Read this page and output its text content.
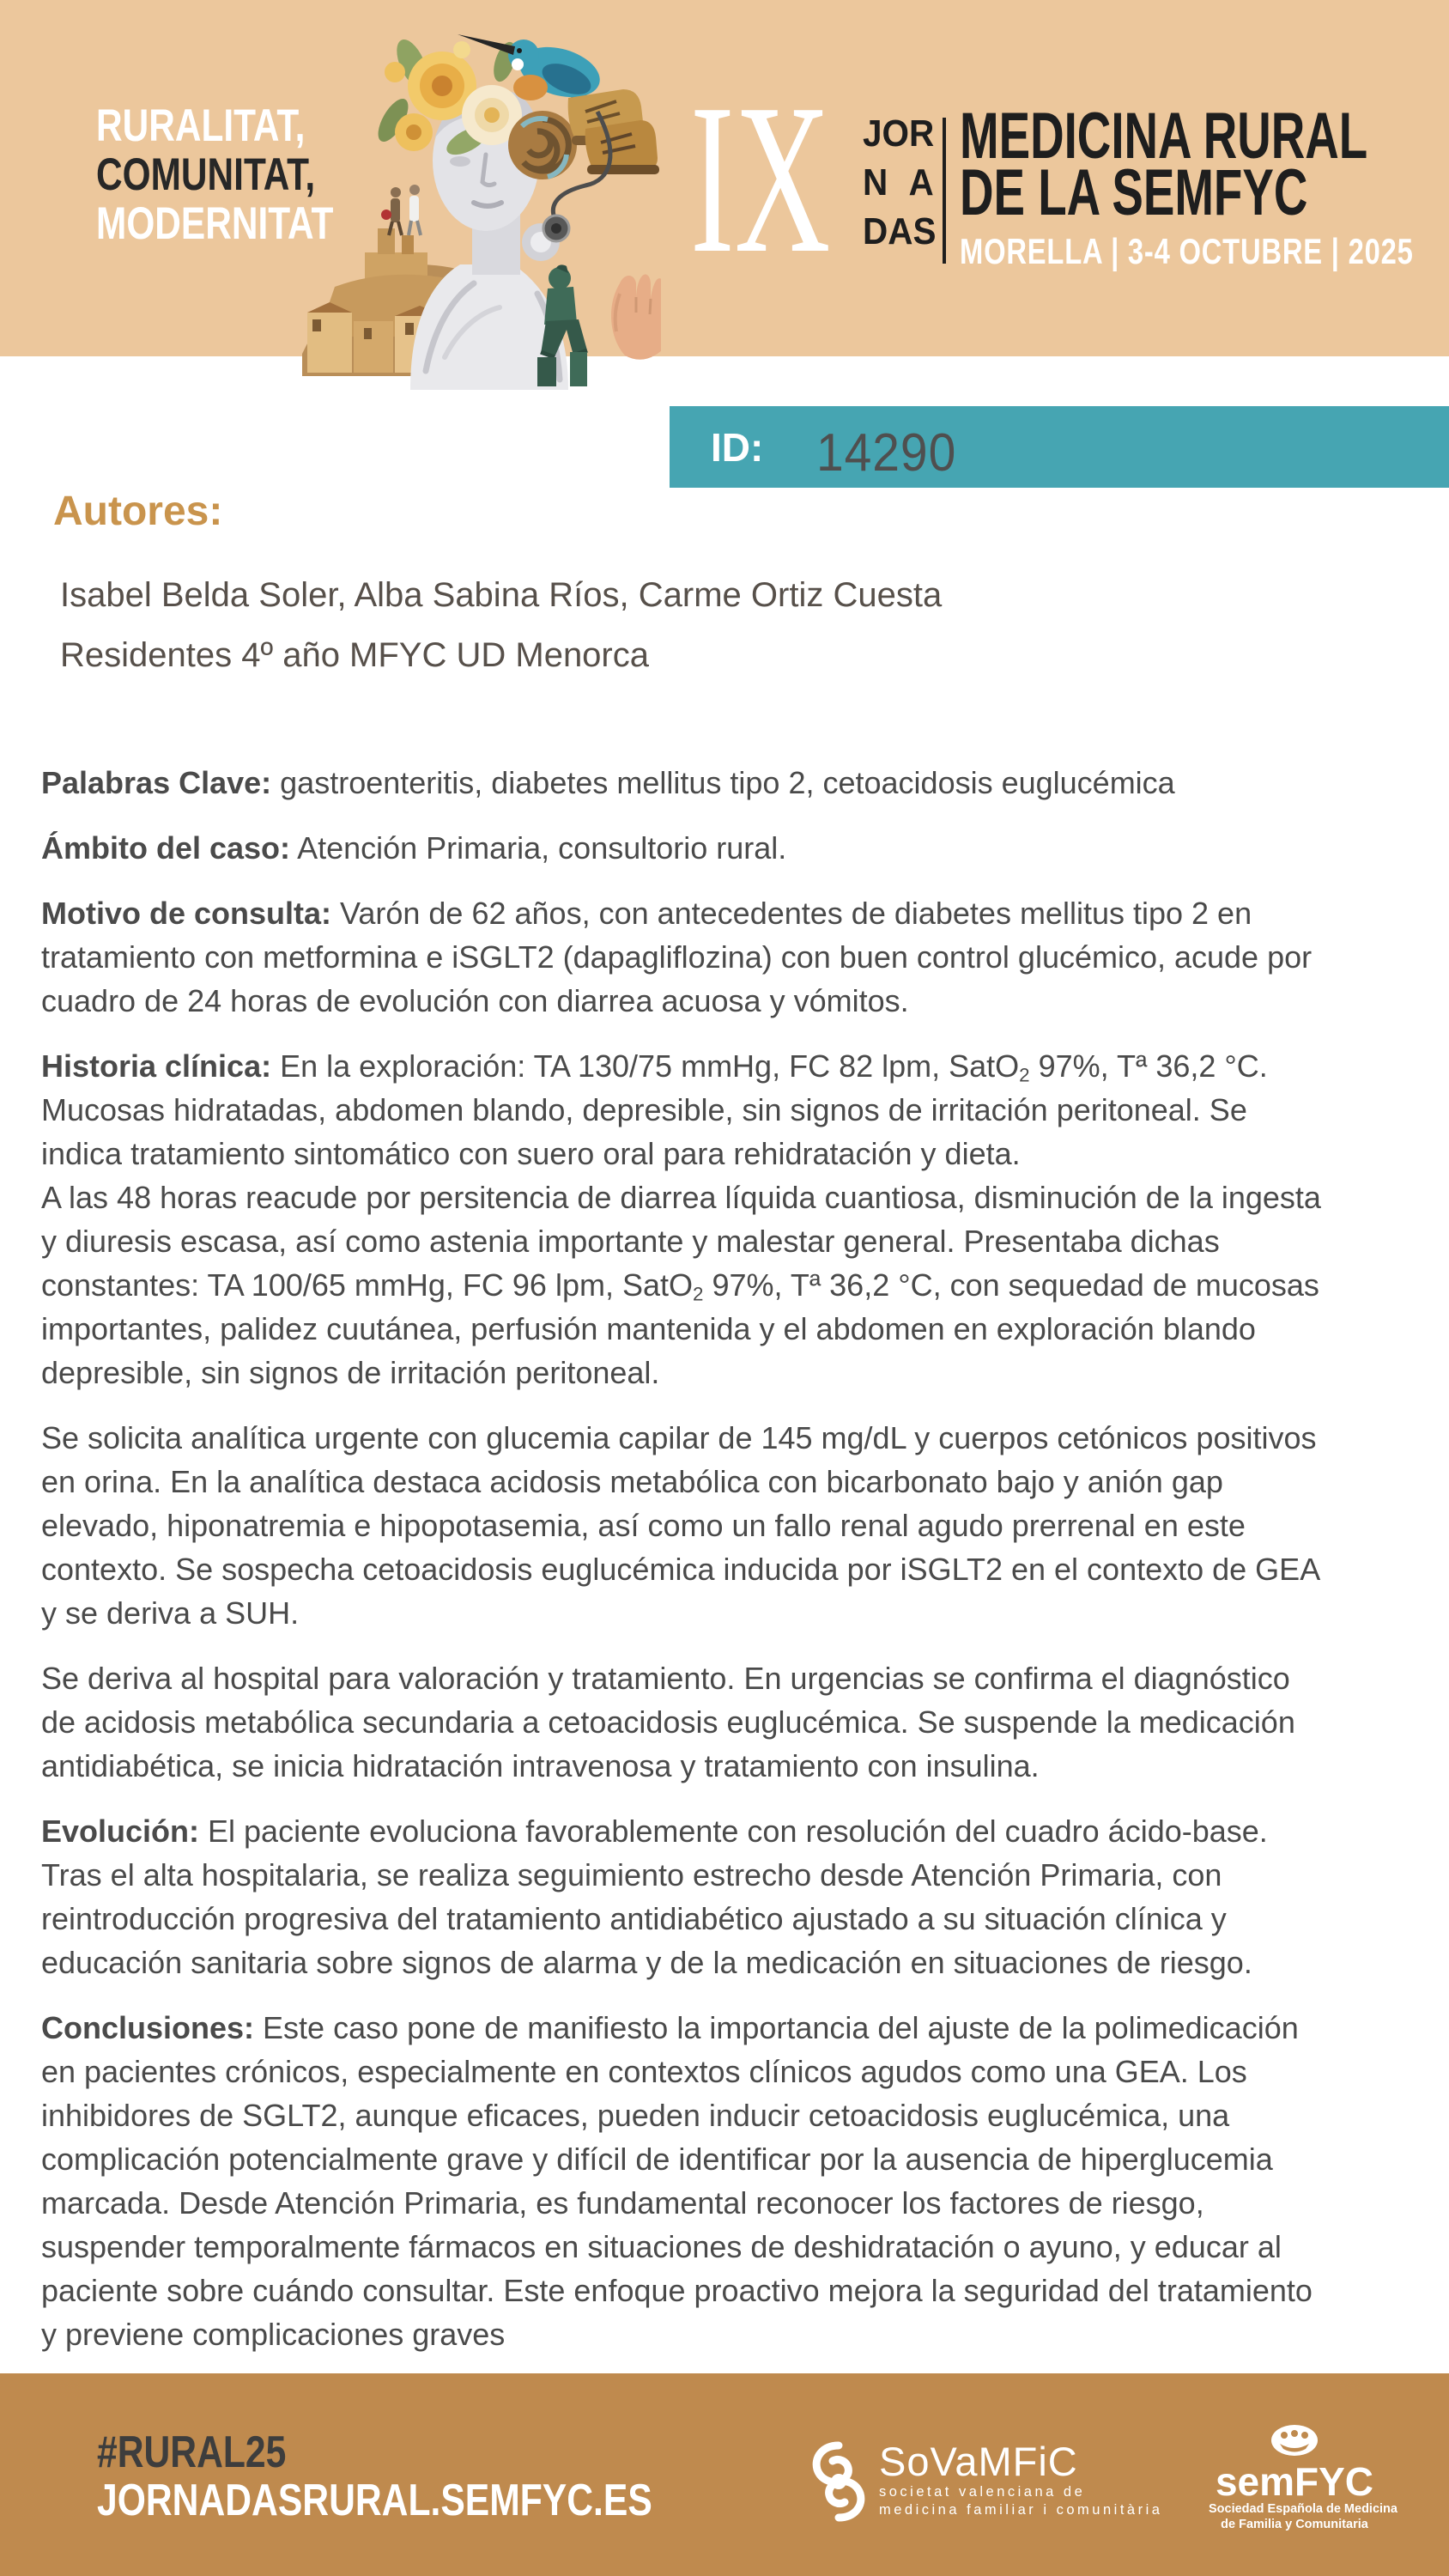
RURALITAT,
COMUNITAT,
MODERNITAT IX J O R
N A
D A S
MEDICINA RURAL
DE LA SEMFYC
MORELLA | 3-4 OCTUBRE | 2025
ID: 14290
Autores:
Isabel Belda Soler, Alba Sabina Ríos, Carme Ortiz Cuesta
Residentes 4º año MFYC UD Menorca

Palabras Clave: gastroenteritis, diabetes mellitus tipo 2, cetoacidosis euglucémica

Ámbito del caso: Atención Primaria, consultorio rural.

Motivo de consulta: Varón de 62 años, con antecedentes de diabetes mellitus tipo 2 en tratamiento con metformina e iSGLT2 (dapagliflozina) con buen control glucémico, acude por cuadro de 24 horas de evolución con diarrea acuosa y vómitos.

Historia clínica: En la exploración: TA 130/75 mmHg, FC 82 lpm, SatO$_2$ 97%, Tª 36,2 °C. Mucosas hidratadas, abdomen blando, depresible, sin signos de irritación peritoneal. Se indica tratamiento sintomático con suero oral para rehidratación y dieta.
A las 48 horas reacude por persitencia de diarrea líquida cuantiosa, disminución de la ingesta y diuresis escasa, así como astenia importante y malestar general. Presentaba dichas constantes: TA 100/65 mmHg, FC 96 lpm, SatO$_2$ 97%, Tª 36,2 °C, con sequedad de mucosas importantes, palidez cuutánea, perfusión mantenida y el abdomen en exploración blando depresible, sin signos de irritación peritoneal.

Se solicita analítica urgente con glucemia capilar de 145 mg/dL y cuerpos cetónicos positivos en orina. En la analítica destaca acidosis metabólica con bicarbonato bajo y anión gap elevado, hiponatremia e hipopotasemia, así como un fallo renal agudo prerrenal en este contexto. Se sospecha cetoacidosis euglucémica inducida por iSGLT2 en el contexto de GEA y se deriva a SUH.

Se deriva al hospital para valoración y tratamiento. En urgencias se confirma el diagnóstico de acidosis metabólica secundaria a cetoacidosis euglucémica. Se suspende la medicación antidiabética, se inicia hidratación intravenosa y tratamiento con insulina.

Evolución: El paciente evoluciona favorablemente con resolución del cuadro ácido-base. Tras el alta hospitalaria, se realiza seguimiento estrecho desde Atención Primaria, con reintroducción progresiva del tratamiento antidiabético ajustado a su situación clínica y educación sanitaria sobre signos de alarma y de la medicación en situaciones de riesgo.

Conclusiones: Este caso pone de manifiesto la importancia del ajuste de la polimedicación en pacientes crónicos, especialmente en contextos clínicos agudos como una GEA. Los inhibidores de SGLT2, aunque eficaces, pueden inducir cetoacidosis euglucémica, una complicación potencialmente grave y difícil de identificar por la ausencia de hiperglucemia marcada. Desde Atención Primaria, es fundamental reconocer los factores de riesgo, suspender temporalmente fármacos en situaciones de deshidratación o ayuno, y educar al paciente sobre cuándo consultar. Este enfoque proactivo mejora la seguridad del tratamiento y previene complicaciones graves

#RURAL25
JORNADASRURAL.SEMFYC.ES
SoVaMFiC
societat valenciana de
medicina familiar i comunitària
semFYC
Sociedad Española de Medicina
de Familia y Comunitaria
